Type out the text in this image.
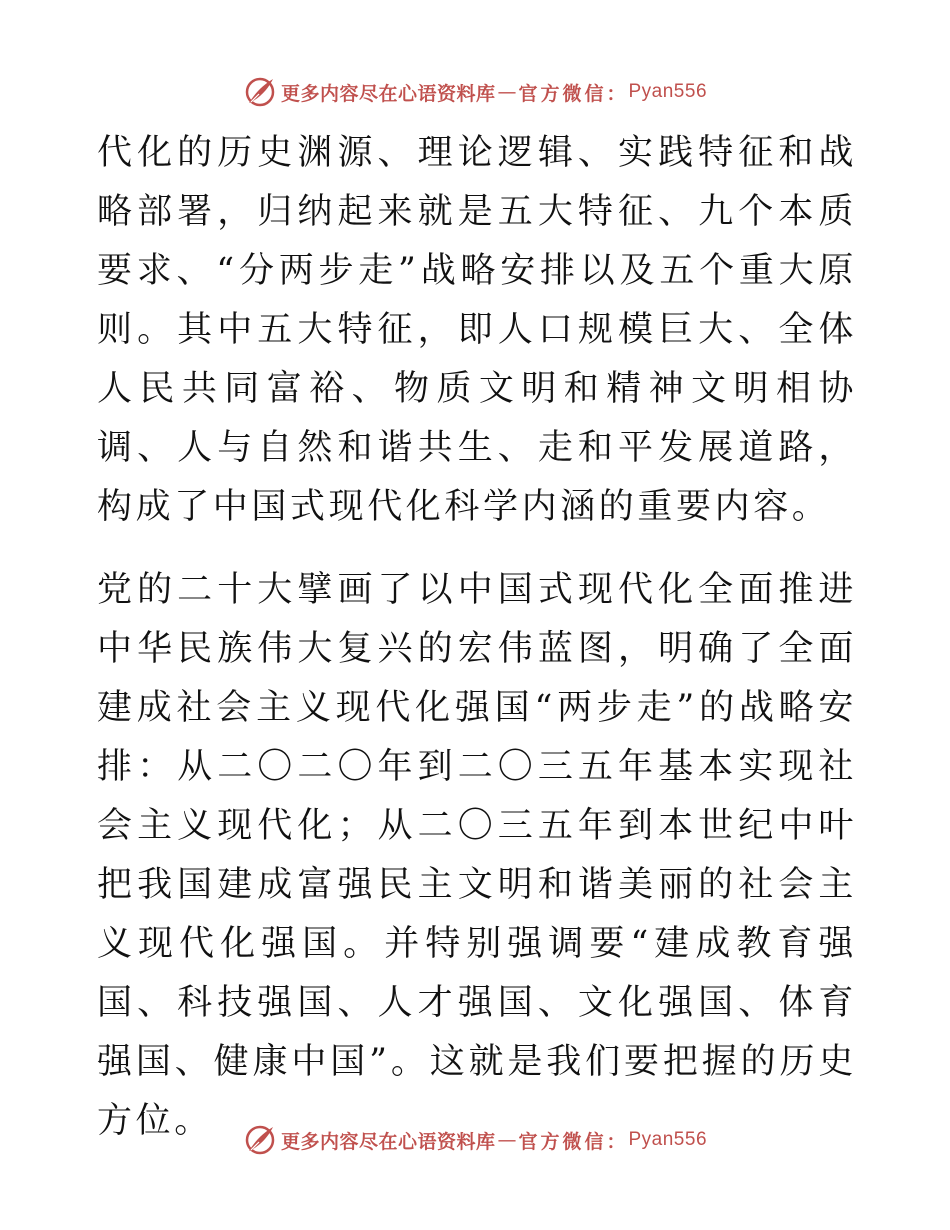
更多内容尽在心语资料库 — 官方微信： Pyan556

代化的历史渊源、理论逻辑、实践特征和战略部署，归纳起来就是五大特征、九个本质要求、“分两步走”战略安排以及五个重大原则。其中五大特征，即人口规模巨大、全体人民共同富裕、物质文明和精神文明相协调、人与自然和谐共生、走和平发展道路，构成了中国式现代化科学内涵的重要内容。

党的二十大擘画了以中国式现代化全面推进中华民族伟大复兴的宏伟蓝图，明确了全面建成社会主义现代化强国“两步走”的战略安排：从二〇二〇年到二〇三五年基本实现社会主义现代化；从二〇三五年到本世纪中叶把我国建成富强民主文明和谐美丽的社会主义现代化强国。并特别强调要“建成教育强国、科技强国、人才强国、文化强国、体育强国、健康中国”。这就是我们要把握的历史方位。

更多内容尽在心语资料库 — 官方微信： Pyan556
